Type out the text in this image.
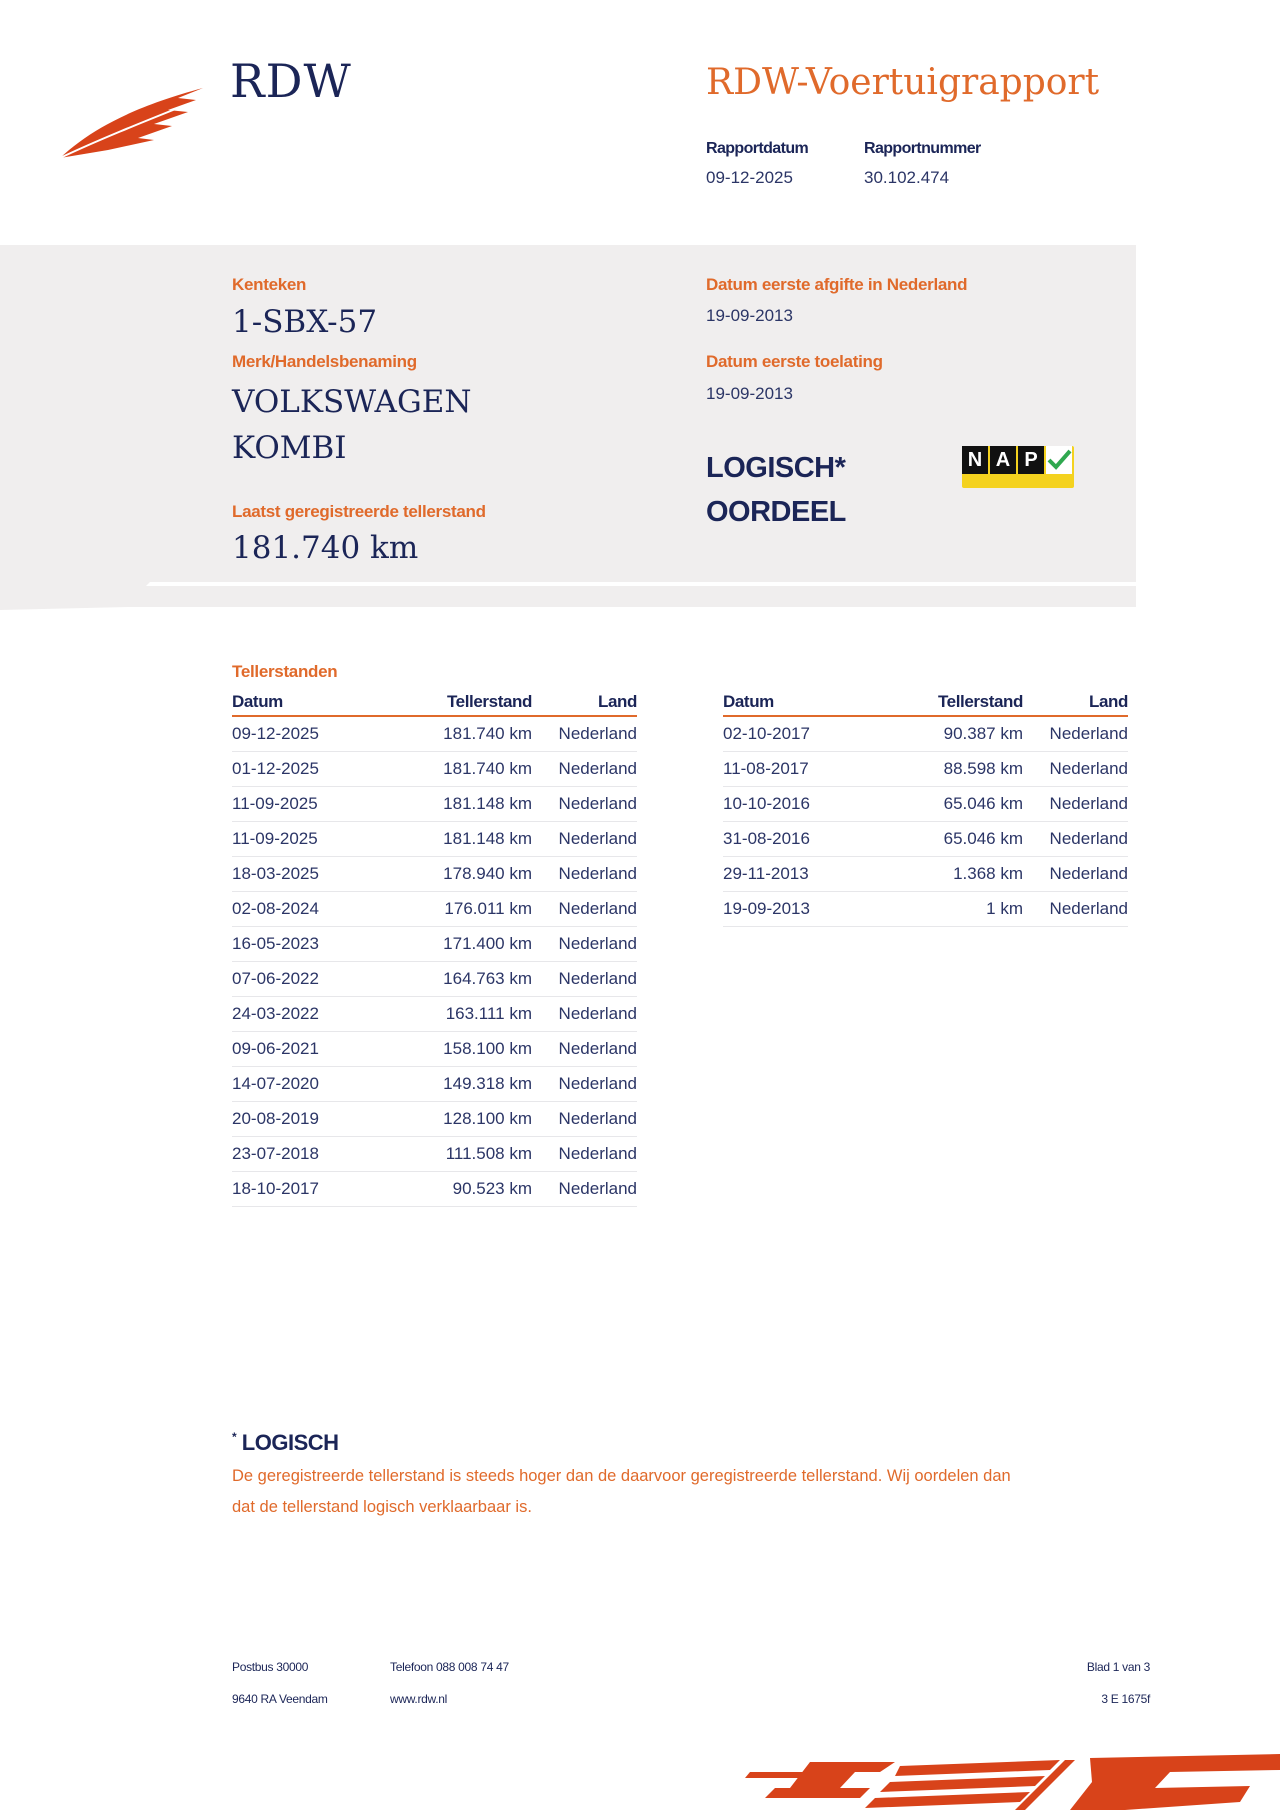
RDW	RDW-Voertuigrapport
Rapportdatum
09-12-2025
Rapportnummer
30.102.474
Kenteken
1-SBX-57
Merk/Handelsbenaming
VOLKSWAGEN
KOMBI
Laatst geregistreerde tellerstand
181.740 km
Datum eerste afgifte in Nederland
19-09-2013
Datum eerste toelating
19-09-2013
LOGISCH*
OORDEEL
N A P
Tellerstanden
Datum	Tellerstand	Land
09-12-2025	181.740 km	Nederland
01-12-2025	181.740 km	Nederland
11-09-2025	181.148 km	Nederland
11-09-2025	181.148 km	Nederland
18-03-2025	178.940 km	Nederland
02-08-2024	176.011 km	Nederland
16-05-2023	171.400 km	Nederland
07-06-2022	164.763 km	Nederland
24-03-2022	163.111 km	Nederland
09-06-2021	158.100 km	Nederland
14-07-2020	149.318 km	Nederland
20-08-2019	128.100 km	Nederland
23-07-2018	111.508 km	Nederland
18-10-2017	90.523 km	Nederland
Datum	Tellerstand	Land
02-10-2017	90.387 km	Nederland
11-08-2017	88.598 km	Nederland
10-10-2016	65.046 km	Nederland
31-08-2016	65.046 km	Nederland
29-11-2013	1.368 km	Nederland
19-09-2013	1 km	Nederland
* LOGISCH
De geregistreerde tellerstand is steeds hoger dan de daarvoor geregistreerde tellerstand. Wij oordelen dan
dat de tellerstand logisch verklaarbaar is.
Postbus 30000
9640 RA Veendam
Telefoon 088 008 74 47
www.rdw.nl
Blad 1 van 3
3 E 1675f
